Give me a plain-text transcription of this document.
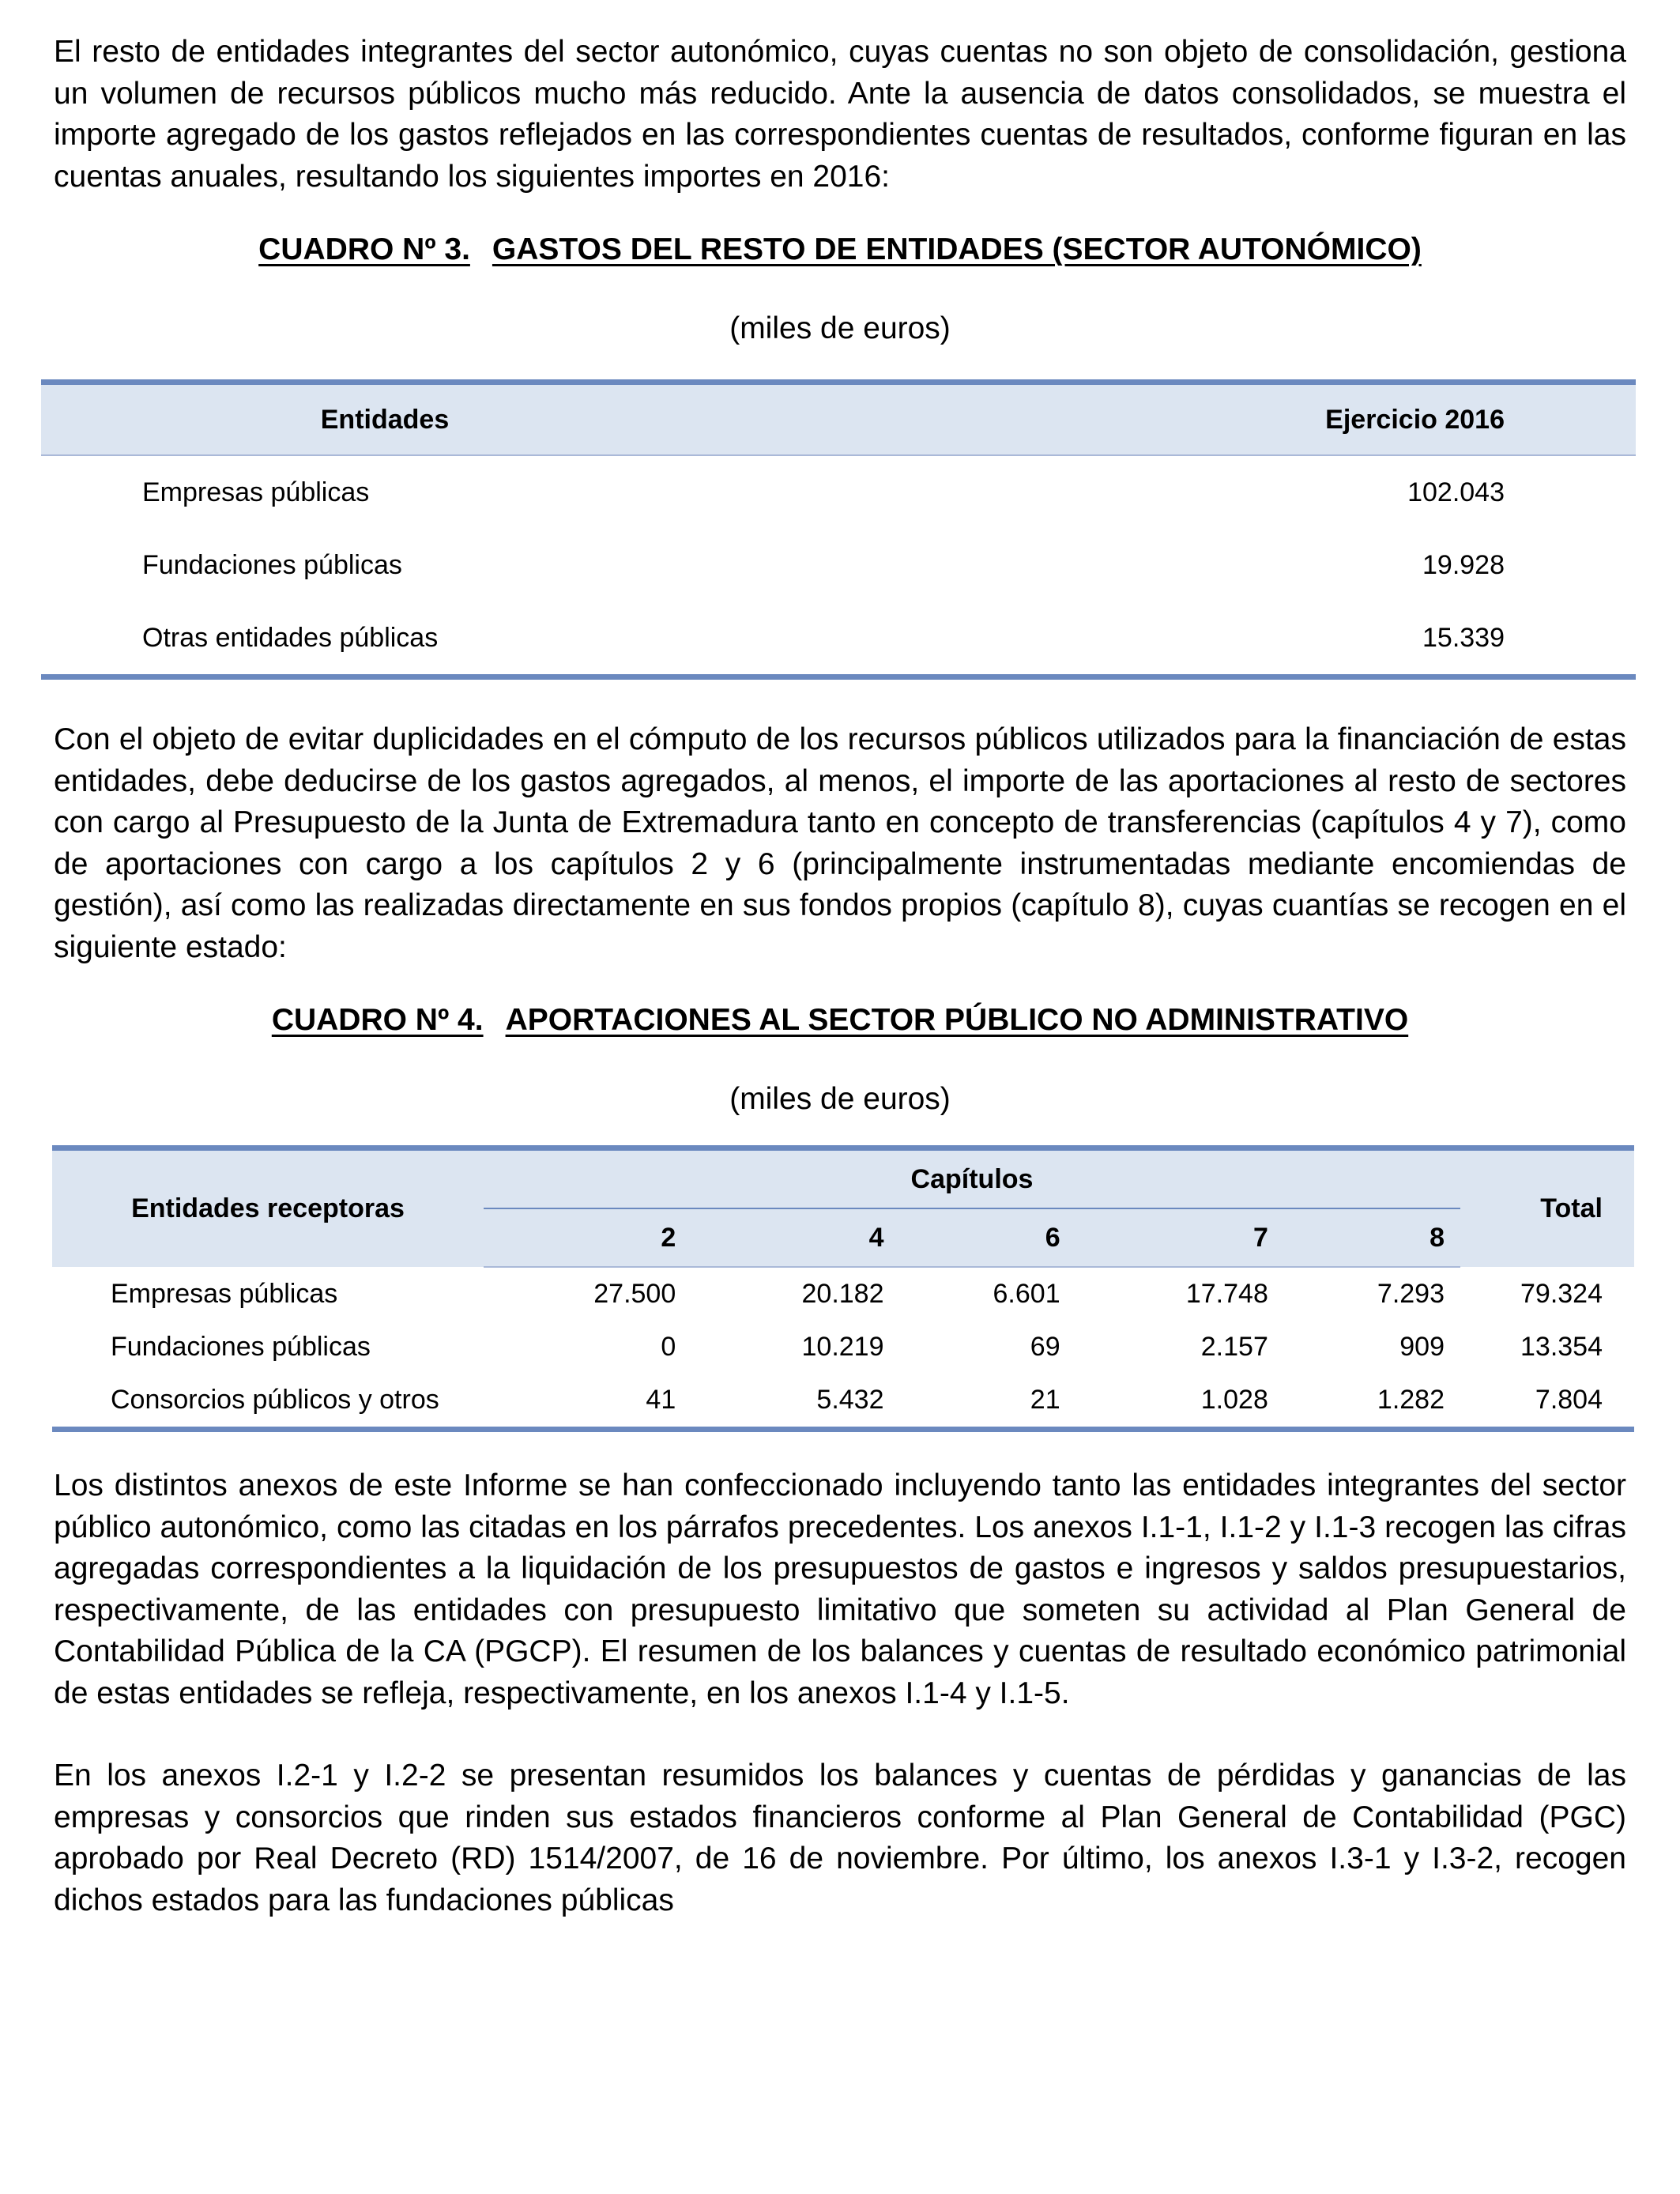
El resto de entidades integrantes del sector autonómico, cuyas cuentas no son objeto de consolidación, gestiona un volumen de recursos públicos mucho más reducido. Ante la ausencia de datos consolidados, se muestra el importe agregado de los gastos reflejados en las correspondientes cuentas de resultados, conforme figuran en las cuentas anuales, resultando los siguientes importes en 2016:

CUADRO Nº 3. GASTOS DEL RESTO DE ENTIDADES (SECTOR AUTONÓMICO)

(miles de euros)

Entidades	Ejercicio 2016
Empresas públicas	102.043
Fundaciones públicas	19.928
Otras entidades públicas	15.339

Con el objeto de evitar duplicidades en el cómputo de los recursos públicos utilizados para la financiación de estas entidades, debe deducirse de los gastos agregados, al menos, el importe de las aportaciones al resto de sectores con cargo al Presupuesto de la Junta de Extremadura tanto en concepto de transferencias (capítulos 4 y 7), como de aportaciones con cargo a los capítulos 2 y 6 (principalmente instrumentadas mediante encomiendas de gestión), así como las realizadas directamente en sus fondos propios (capítulo 8), cuyas cuantías se recogen en el siguiente estado:

CUADRO Nº 4. APORTACIONES AL SECTOR PÚBLICO NO ADMINISTRATIVO

(miles de euros)

Entidades receptoras	Capítulos					Total
	2	4	6	7	8	
Empresas públicas	27.500	20.182	6.601	17.748	7.293	79.324
Fundaciones públicas	0	10.219	69	2.157	909	13.354
Consorcios públicos y otros	41	5.432	21	1.028	1.282	7.804

Los distintos anexos de este Informe se han confeccionado incluyendo tanto las entidades integrantes del sector público autonómico, como las citadas en los párrafos precedentes. Los anexos I.1-1, I.1-2 y I.1-3 recogen las cifras agregadas correspondientes a la liquidación de los presupuestos de gastos e ingresos y saldos presupuestarios, respectivamente, de las entidades con presupuesto limitativo que someten su actividad al Plan General de Contabilidad Pública de la CA (PGCP). El resumen de los balances y cuentas de resultado económico patrimonial de estas entidades se refleja, respectivamente, en los anexos I.1-4 y I.1-5.

En los anexos I.2-1 y I.2-2 se presentan resumidos los balances y cuentas de pérdidas y ganancias de las empresas y consorcios que rinden sus estados financieros conforme al Plan General de Contabilidad (PGC) aprobado por Real Decreto (RD) 1514/2007, de 16 de noviembre. Por último, los anexos I.3-1 y I.3-2, recogen dichos estados para las fundaciones públicas
